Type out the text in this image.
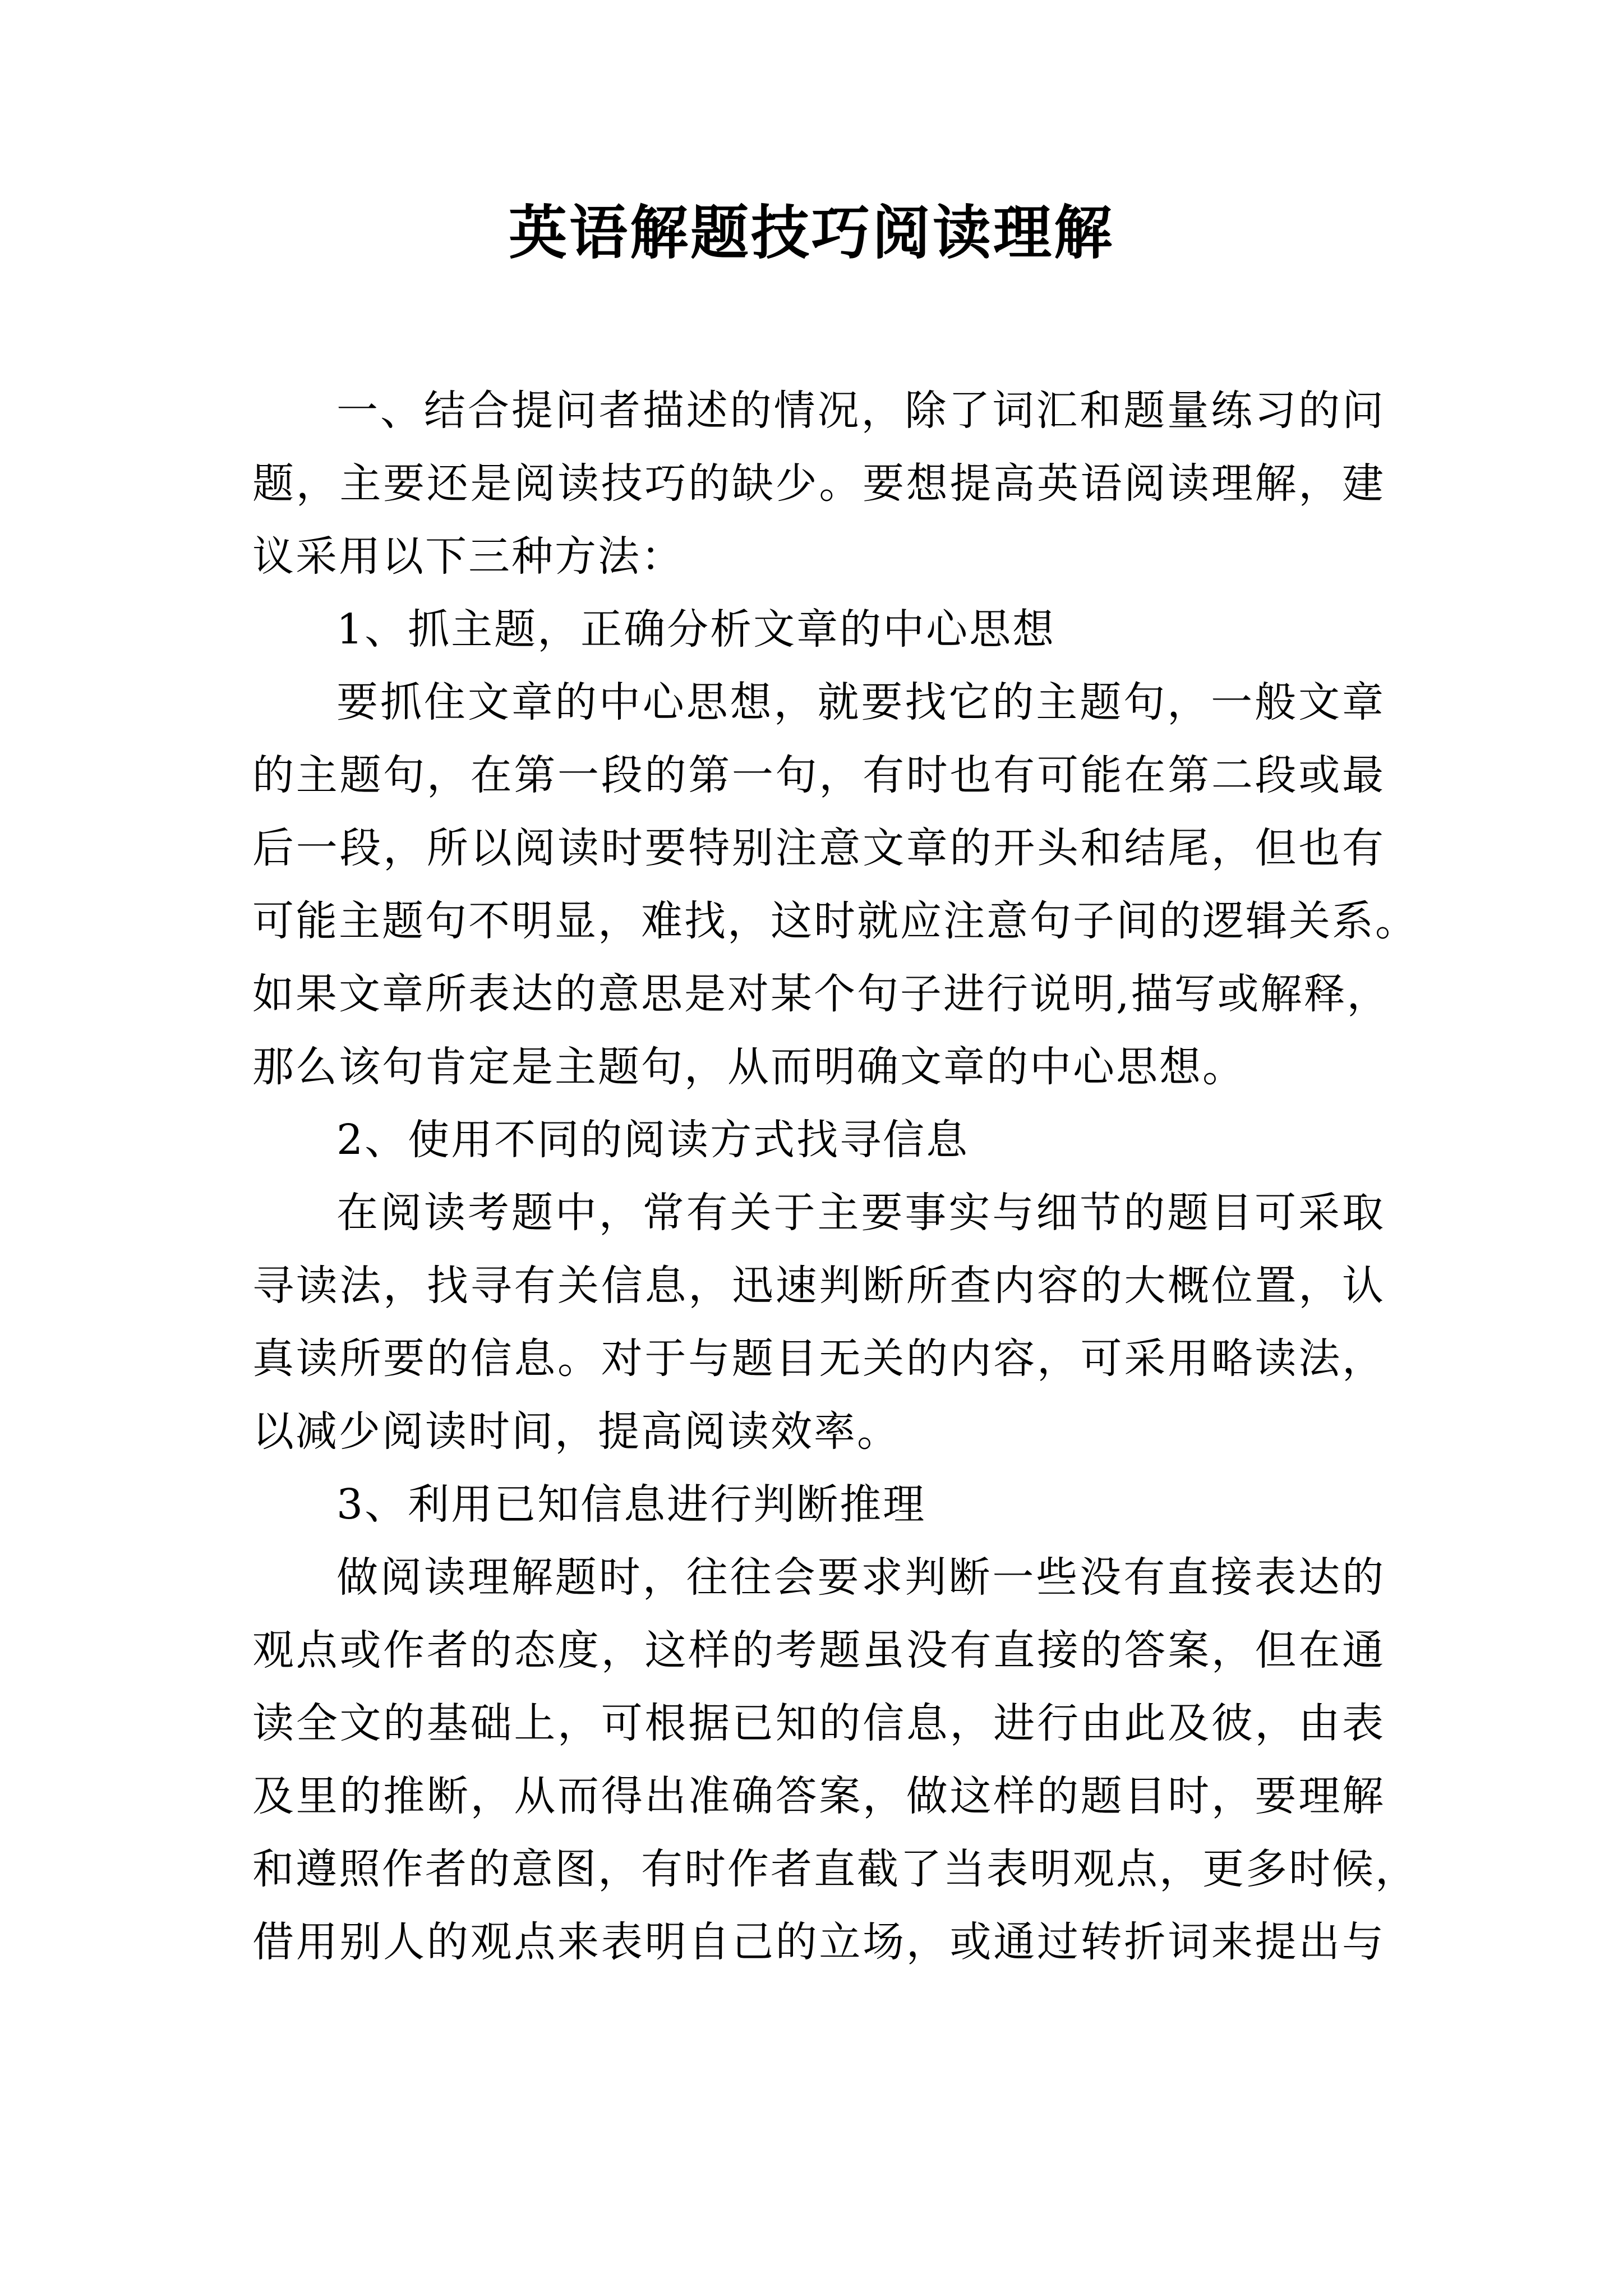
英语解题技巧阅读理解
一、结合提问者描述的情况，除了词汇和题量练习的问
题，主要还是阅读技巧的缺少。要想提高英语阅读理解，建
议采用以下三种方法：
1、抓主题，正确分析文章的中心思想
要抓住文章的中心思想，就要找它的主题句，一般文章
的主题句，在第一段的第一句，有时也有可能在第二段或最
后一段，所以阅读时要特别注意文章的开头和结尾，但也有
可能主题句不明显，难找，这时就应注意句子间的逻辑关系。
如果文章所表达的意思是对某个句子进行说明,描写或解释，
那么该句肯定是主题句，从而明确文章的中心思想。
2、使用不同的阅读方式找寻信息
在阅读考题中，常有关于主要事实与细节的题目可采取
寻读法，找寻有关信息，迅速判断所查内容的大概位置，认
真读所要的信息。对于与题目无关的内容，可采用略读法，
以减少阅读时间，提高阅读效率。
3、利用已知信息进行判断推理
做阅读理解题时，往往会要求判断一些没有直接表达的
观点或作者的态度，这样的考题虽没有直接的答案，但在通
读全文的基础上，可根据已知的信息，进行由此及彼，由表
及里的推断，从而得出准确答案，做这样的题目时，要理解
和遵照作者的意图，有时作者直截了当表明观点，更多时候，
借用别人的观点来表明自己的立场，或通过转折词来提出与
